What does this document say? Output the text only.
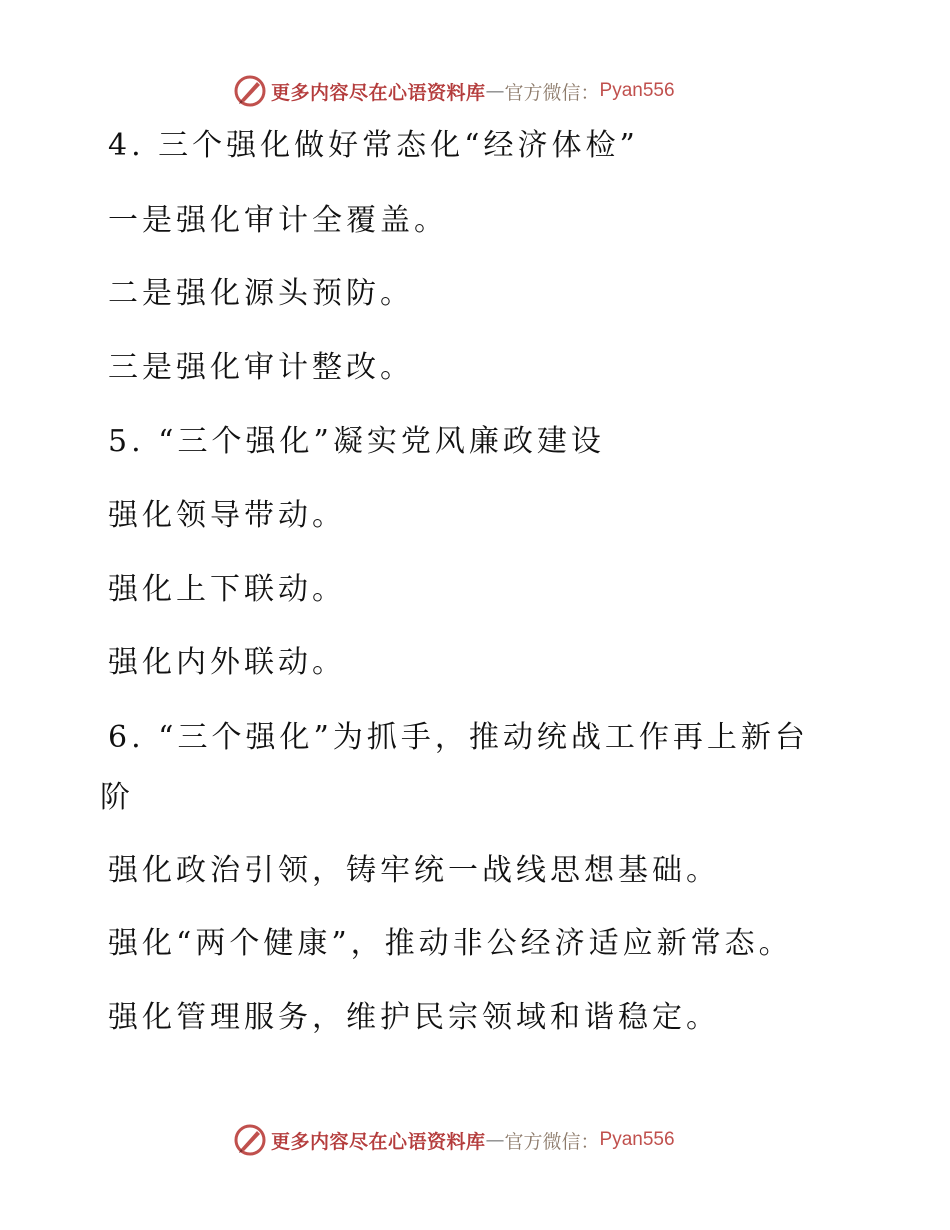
更多内容尽在心语资料库 — 官方微信： Pyan556
4. 三个强化做好常态化“经济体检”
一是强化审计全覆盖。
二是强化源头预防。
三是强化审计整改。
5. “三个强化”凝实党风廉政建设
强化领导带动。
强化上下联动。
强化内外联动。
6. “三个强化”为抓手，推动统战工作再上新台
阶
强化政治引领，铸牢统一战线思想基础。
强化“两个健康”，推动非公经济适应新常态。
强化管理服务，维护民宗领域和谐稳定。
更多内容尽在心语资料库 — 官方微信： Pyan556
